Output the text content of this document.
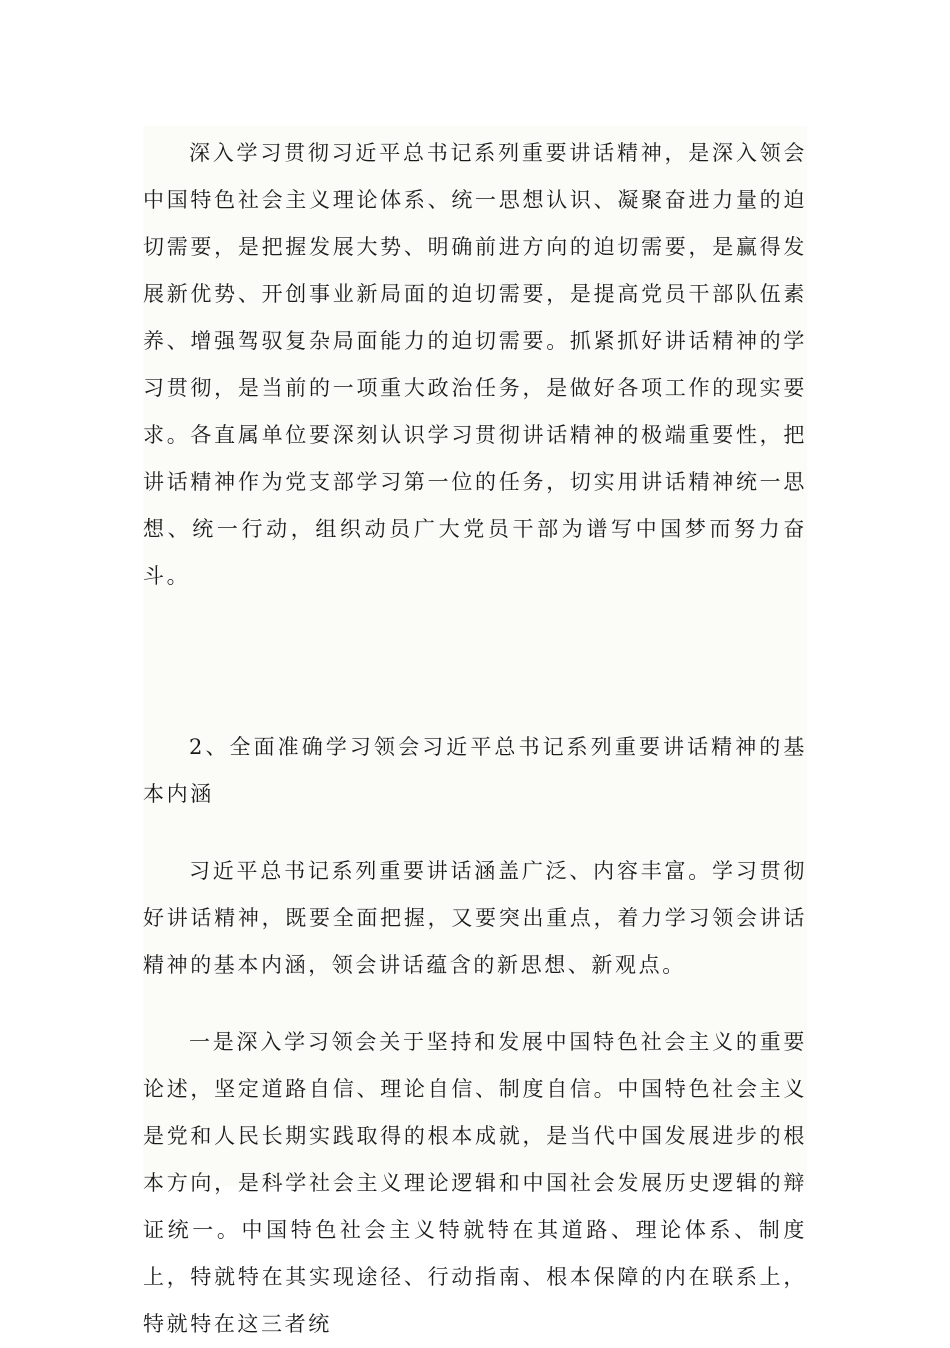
深入学习贯彻习近平总书记系列重要讲话精神，是深入领会中国特色社会主义理论体系、统一思想认识、凝聚奋进力量的迫切需要，是把握发展大势、明确前进方向的迫切需要，是赢得发展新优势、开创事业新局面的迫切需要，是提高党员干部队伍素养、增强驾驭复杂局面能力的迫切需要。抓紧抓好讲话精神的学习贯彻，是当前的一项重大政治任务，是做好各项工作的现实要求。各直属单位要深刻认识学习贯彻讲话精神的极端重要性，把讲话精神作为党支部学习第一位的任务，切实用讲话精神统一思想、统一行动，组织动员广大党员干部为谱写中国梦而努力奋斗。

2、全面准确学习领会习近平总书记系列重要讲话精神的基本内涵

习近平总书记系列重要讲话涵盖广泛、内容丰富。学习贯彻好讲话精神，既要全面把握，又要突出重点，着力学习领会讲话精神的基本内涵，领会讲话蕴含的新思想、新观点。

一是深入学习领会关于坚持和发展中国特色社会主义的重要论述，坚定道路自信、理论自信、制度自信。中国特色社会主义是党和人民长期实践取得的根本成就，是当代中国发展进步的根本方向，是科学社会主义理论逻辑和中国社会发展历史逻辑的辩证统一。中国特色社会主义特就特在其道路、理论体系、制度上，特就特在其实现途径、行动指南、根本保障的内在联系上，特就特在这三者统
